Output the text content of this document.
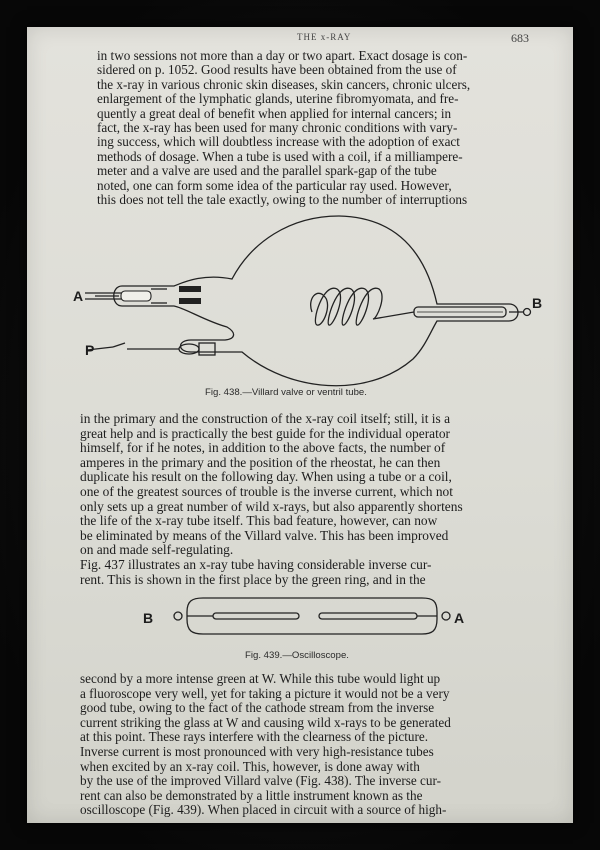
THE x-RAY	683

in two sessions not more than a day or two apart. Exact dosage is con-
sidered on p. 1052. Good results have been obtained from the use of
the x-ray in various chronic skin diseases, skin cancers, chronic ulcers,
enlargement of the lymphatic glands, uterine fibromyomata, and fre-
quently a great deal of benefit when applied for internal cancers; in
fact, the x-ray has been used for many chronic conditions with vary-
ing success, which will doubtless increase with the adoption of exact
methods of dosage. When a tube is used with a coil, if a milliampere-
meter and a valve are used and the parallel spark-gap of the tube
noted, one can form some idea of the particular ray used. However,
this does not tell the tale exactly, owing to the number of interruptions

A	B
P
Fig. 438.—Villard valve or ventril tube.

in the primary and the construction of the x-ray coil itself; still, it is a
great help and is practically the best guide for the individual operator
himself, for if he notes, in addition to the above facts, the number of
amperes in the primary and the position of the rheostat, he can then
duplicate his result on the following day. When using a tube or a coil,
one of the greatest sources of trouble is the inverse current, which not
only sets up a great number of wild x-rays, but also apparently shortens
the life of the x-ray tube itself. This bad feature, however, can now
be eliminated by means of the Villard valve. This has been improved
on and made self-regulating.
Fig. 437 illustrates an x-ray tube having considerable inverse cur-
rent. This is shown in the first place by the green ring, and in the

B	A
Fig. 439.—Oscilloscope.

second by a more intense green at W. While this tube would light up
a fluoroscope very well, yet for taking a picture it would not be a very
good tube, owing to the fact of the cathode stream from the inverse
current striking the glass at W and causing wild x-rays to be generated
at this point. These rays interfere with the clearness of the picture.
Inverse current is most pronounced with very high-resistance tubes
when excited by an x-ray coil. This, however, is done away with
by the use of the improved Villard valve (Fig. 438). The inverse cur-
rent can also be demonstrated by a little instrument known as the
oscilloscope (Fig. 439). When placed in circuit with a source of high-
